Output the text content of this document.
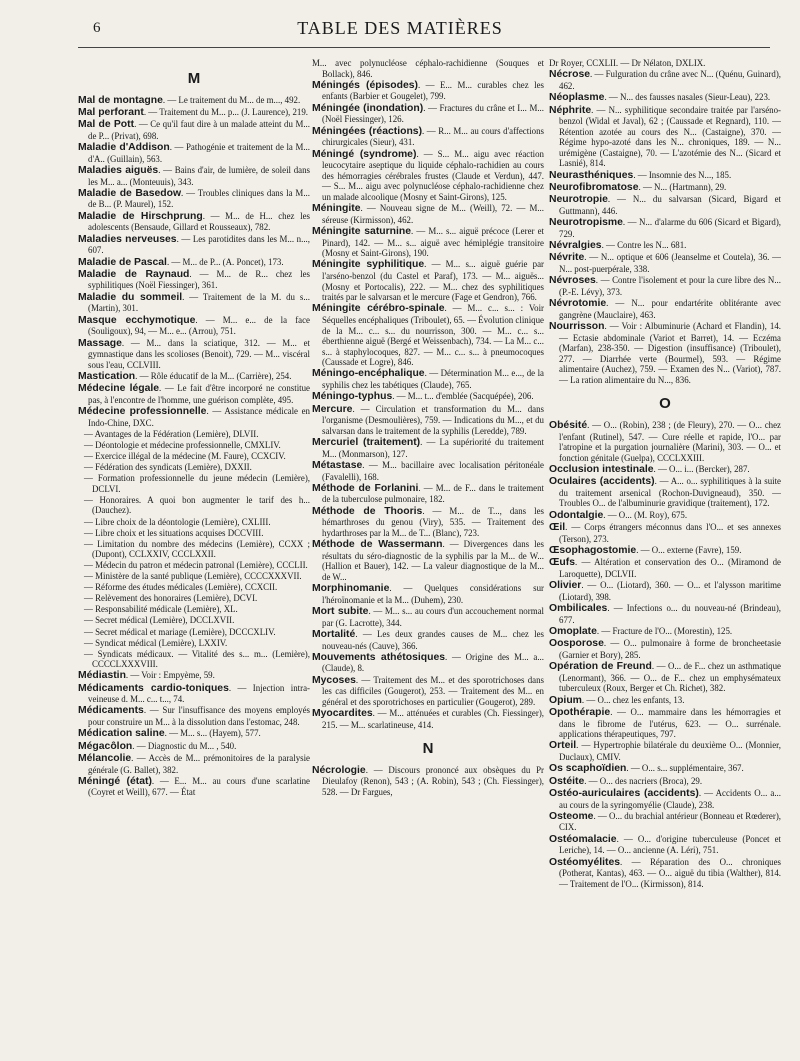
6	TABLE DES MATIÈRES
M

Mal de montagne. — Le traitement du M... de m..., 492.

Mal perforant. — Traitement du M... p... (J. Laurence), 219.

Mal de Pott. — Ce qu'il faut dire à un malade atteint du M... de P... (Privat), 698.

Maladie d'Addison. — Pathogénie et traitement de la M... d'A.. (Guillain), 563.

Maladies aiguës. — Bains d'air, de lumière, de soleil dans les M... a... (Monteuuis), 343.

Maladie de Basedow. — Troubles cliniques dans la M... de B... (P. Maurel), 152.

Maladie de Hirschprung. — M... de H... chez les adolescents (Bensaude, Gillard et Rousseaux), 782.

Maladies nerveuses. — Les parotidites dans les M... n..., 607.

Maladie de Pascal. — M... de P... (A. Poncet), 173.

Maladie de Raynaud. — M... de R... chez les syphilitiques (Noël Fiessinger), 361.

Maladie du sommeil. — Traitement de la M. du s... (Martin), 301.

Masque ecchymotique. — M... e... de la face (Souligoux), 94, — M... e... (Arrou), 751.

Massage. — M... dans la sciatique, 312. — M... et gymnastique dans les scolioses (Benoit), 729. — M... viscéral sous l'eau, CCLVIII.

Mastication. — Rôle éducatif de la M... (Carrière), 254.

Médecine légale. — Le fait d'être incorporé ne constitue pas, à l'encontre de l'homme, une guérison complète, 495.

Médecine professionnelle. — Assistance médicale en Indo-Chine, DXC.

— Avantages de la Fédération (Lemière), DLVII.

— Déontologie et médecine professionnelle, CMXLIV.

— Exercice illégal de la médecine (M. Faure), CCXCIV.

— Fédération des syndicats (Lemière), DXXII.

— Formation professionnelle du jeune médecin (Lemière), DCLVI.

— Honoraires. A quoi bon augmenter le tarif des h... (Dauchez).

— Libre choix de la déontologie (Lemière), CXLIII.

— Libre choix et les situations acquises DCCVIII.

— Limitation du nombre des médecins (Lemière), CCXX ; (Dupont), CCLXXIV, CCCLXXII.

— Médecin du patron et médecin patronal (Lemière), CCCLII.

— Ministère de la santé publique (Lemière), CCCCXXXVII.

— Réforme des études médicales (Lemière), CCXCII.

— Relèvement des honoraires (Lemière), DCVI.

— Responsabilité médicale (Lemière), XL.

— Secret médical (Lemière), DCCLXVII.

— Secret médical et mariage (Lemière), DCCCXLIV.

— Syndicat médical (Lemière), LXXIV.

— Syndicats médicaux. — Vitalité des s... m... (Lemière), CCCCLXXXVIII.

Médiastin. — Voir : Empyème, 59.

Médicaments cardio-toniques. — Injection intra-veineuse d. M... c... t..., 74.

Médicaments. — Sur l'insuffisance des moyens employés pour construire un M... à la dissolution dans l'estomac, 248.

Médication saline. — M... s... (Hayem), 577.

Mégacôlon. — Diagnostic du M... , 540.

Mélancolie. — Accès de M... prémonitoires de la paralysie générale (G. Ballet), 382.

Méningé (état). — E... M... au cours d'une scarlatine (Coyret et Weill), 677. — État

M... avec polynucléose céphalo-rachidienne (Souques et Bollack), 846.

Méningés (épisodes). — E... M... curables chez les enfants (Barbier et Gougelet), 799.

Méningée (inondation). — Fractures du crâne et I... M... (Noël Fiessinger), 126.

Méningées (réactions). — R... M... au cours d'affections chirurgicales (Sieur), 431.

Méningé (syndrome). — S... M... aigu avec réaction leucocytaire aseptique du liquide céphalo-rachidien au cours des hémorragies cérébrales frustes (Claude et Verdun), 447. — S... M... aigu avec polynucléose céphalo-rachidienne chez un malade alcoolique (Mosny et Saint-Girons), 125.

Méningite. — Nouveau signe de M... (Weill), 72. — M... séreuse (Kirmisson), 462.

Méningite saturnine. — M... s... aiguë précoce (Lerer et Pinard), 142. — M... s... aiguë avec hémiplégie transitoire (Mosny et Saint-Girons), 190.

Méningite syphilitique. — M... s... aiguë guérie par l'arséno-benzol (du Castel et Paraf), 173. — M... aiguës... (Mosny et Portocalis), 222. — M... chez des syphilitiques traités par le salvarsan et le mercure (Fage et Gendron), 766.

Méningite cérébro-spinale. — M... c... s... : Voir Séquelles encéphaliques (Triboulet), 65. — Évolution clinique de la M... c... s... du nourrisson, 300. — M... c... s... éberthienne aiguë (Bergé et Weissenbach), 734. — La M... c... s... à staphylocoques, 827. — M... c... s... à pneumocoques (Caussade et Logre), 846.

Méningo-encéphalique. — Détermination M... e..., de la syphilis chez les tabétiques (Claude), 765.

Méningo-typhus. — M... t... d'emblée (Sacquépée), 206.

Mercure. — Circulation et transformation du M... dans l'organisme (Desmoulières), 759. — Indications du M..., et du salvarsan dans le traitement de la syphilis (Leredde), 789.

Mercuriel (traitement). — La supériorité du traitement M... (Monmarson), 127.

Métastase. — M... bacillaire avec localisation péritonéale (Favalelli), 168.

Méthode de Forlanini. — M... de F... dans le traitement de la tuberculose pulmonaire, 182.

Méthode de Thooris. — M... de T..., dans les hémarthroses du genou (Viry), 535. — Traitement des hydarthroses par la M... de T... (Blanc), 723.

Méthode de Wassermann. — Divergences dans les résultats du séro-diagnostic de la syphilis par la M... de W... (Hallion et Bauer), 142. — La valeur diagnostique de la M... de W...

Morphinomanie. — Quelques considérations sur l'héroïnomanie et la M... (Duhem), 230.

Mort subite. — M... s... au cours d'un accouchement normal par (G. Lacrotte), 344.

Mortalité. — Les deux grandes causes de M... chez les nouveau-nés (Cauve), 366.

Mouvements athétosiques. — Origine des M... a... (Claude), 8.

Mycoses. — Traitement des M... et des sporotrichoses dans les cas difficiles (Gougerot), 253. — Traitement des M... en général et des sporotrichoses en particulier (Gougerot), 289.

Myocardites. — M... atténuées et curables (Ch. Fiessinger), 215. — M... scarlatineuse, 414.

N

Nécrologie. — Discours prononcé aux obsèques du Pr Dieulafoy (Renon), 543 ; (A. Robin), 543 ; (Ch. Fiessinger), 528. — Dr Fargues,

Dr Royer, CCXLII. — Dr Nélaton, DXLIX.

Nécrose. — Fulguration du crâne avec N... (Quénu, Guinard), 462.

Néoplasme. — N... des fausses nasales (Sieur-Leau), 223.

Néphrite. — N... syphilitique secondaire traitée par l'arséno-benzol (Widal et Javal), 62 ; (Caussade et Regnard), 110. — Rétention azotée au cours des N... (Castaigne), 370. — Régime hypo-azoté dans les N... chroniques, 189. — N... urémigène (Castaigne), 70. — L'azotémie des N... (Sicard et Lasnié), 814.

Neurasthéniques. — Insomnie des N..., 185.

Neurofibromatose. — N... (Hartmann), 29.

Neurotropie. — N... du salvarsan (Sicard, Bigard et Guttmann), 446.

Neurotropisme. — N... d'alarme du 606 (Sicard et Bigard), 729.

Névralgies. — Contre les N... 681.

Névrite. — N... optique et 606 (Jeanselme et Coutela), 36. — N... post-puerpérale, 338.

Névroses. — Contre l'isolement et pour la cure libre des N... (P.-E. Lévy), 373.

Névrotomie. — N... pour endartérite oblitérante avec gangrène (Mauclaire), 463.

Nourrisson. — Voir : Albuminurie (Achard et Flandin), 14. — Ectasie abdominale (Variot et Barret), 14. — Eczéma (Marfan), 238-350. — Digestion (insuffisance) (Triboulet), 277. — Diarrhée verte (Bourmel), 593. — Régime alimentaire (Auchez), 759. — Examen des N... (Variot), 787. — La ration alimentaire du N..., 836.

O

Obésité. — O... (Robin), 238 ; (de Fleury), 270. — O... chez l'enfant (Rutinel), 547. — Cure réelle et rapide, l'O... par l'atropine et la purgation journalière (Marini), 303. — O... et fonction génitale (Guelpa), CCCLXXIII.

Occlusion intestinale. — O... i... (Bercker), 287.

Oculaires (accidents). — A... o... syphilitiques à la suite du traitement arsenical (Rochon-Duvigneaud), 350. — Troubles O... de l'albuminurie gravidique (traitement), 172.

Odontalgie. — O... (M. Roy), 675.

Œil. — Corps étrangers méconnus dans l'O... et ses annexes (Terson), 273.

Œsophagostomie. — O... externe (Favre), 159.

Œufs. — Altération et conservation des O... (Miramond de Laroquette), DCLVII.

Olivier. — O... (Liotard), 360. — O... et l'alysson maritime (Liotard), 398.

Ombilicales. — Infections o... du nouveau-né (Brindeau), 677.

Omoplate. — Fracture de l'O... (Morestin), 125.

Oosporose. — O... pulmonaire à forme de broncheetasie (Garnier et Bory), 285.

Opération de Freund. — O... de F... chez un asthmatique (Lenormant), 366. — O... de F... chez un emphysémateux tuberculeux (Roux, Berger et Ch. Richet), 382.

Opium. — O... chez les enfants, 13.

Opothérapie. — O... mammaire dans les hémorragies et dans le fibrome de l'utérus, 623. — O... surrénale. applications thérapeutiques, 797.

Orteil. — Hypertrophie bilatérale du deuxième O... (Monnier, Duclaux), CMIV.

Os scaphoïdien. — O... s... supplémentaire, 367.

Ostéite. — O... des nacriers (Broca), 29.

Ostéo-auriculaires (accidents). — Accidents O... a... au cours de la syringomyélie (Claude), 238.

Osteome. — O... du brachial antérieur (Bonneau et Rœderer), CIX.

Ostéomalacie. — O... d'origine tuberculeuse (Poncet et Leriche), 14. — O... ancienne (A. Léri), 751.

Ostéomyélites. — Réparation des O... chroniques (Potherat, Kantas), 463. — O... aiguë du tibia (Walther), 814. — Traitement de l'O... (Kirmisson), 814.
